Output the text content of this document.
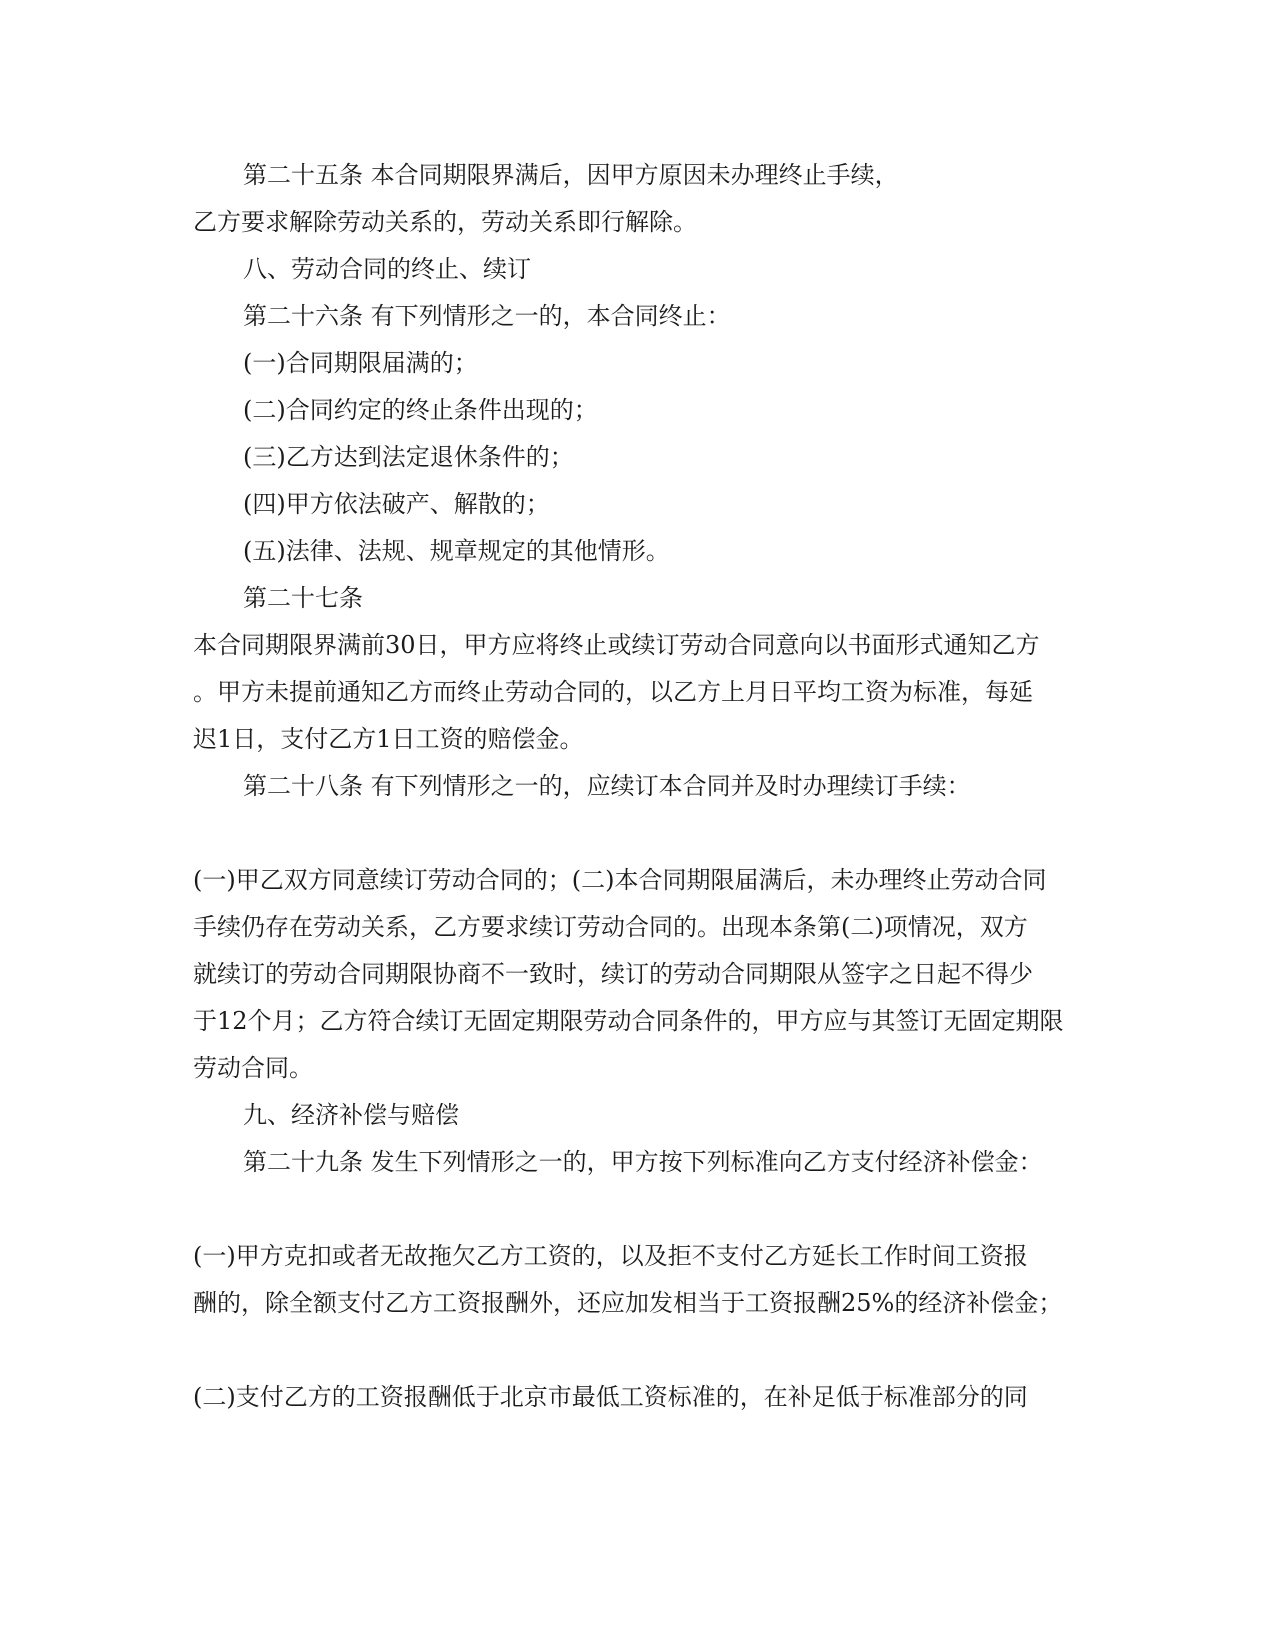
第二十五条 本合同期限界满后，因甲方原因未办理终止手续，
乙方要求解除劳动关系的，劳动关系即行解除。
八、劳动合同的终止、续订
第二十六条 有下列情形之一的，本合同终止：
(一)合同期限届满的；
(二)合同约定的终止条件出现的；
(三)乙方达到法定退休条件的；
(四)甲方依法破产、解散的；
(五)法律、法规、规章规定的其他情形。
第二十七条
本合同期限界满前30日，甲方应将终止或续订劳动合同意向以书面形式通知乙方
。甲方未提前通知乙方而终止劳动合同的，以乙方上月日平均工资为标准，每延
迟1日，支付乙方1日工资的赔偿金。
第二十八条 有下列情形之一的，应续订本合同并及时办理续订手续：
(一)甲乙双方同意续订劳动合同的；(二)本合同期限届满后，未办理终止劳动合同
手续仍存在劳动关系，乙方要求续订劳动合同的。出现本条第(二)项情况，双方
就续订的劳动合同期限协商不一致时，续订的劳动合同期限从签字之日起不得少
于12个月；乙方符合续订无固定期限劳动合同条件的，甲方应与其签订无固定期限
劳动合同。
九、经济补偿与赔偿
第二十九条 发生下列情形之一的，甲方按下列标准向乙方支付经济补偿金：
(一)甲方克扣或者无故拖欠乙方工资的，以及拒不支付乙方延长工作时间工资报
酬的，除全额支付乙方工资报酬外，还应加发相当于工资报酬25%的经济补偿金；
(二)支付乙方的工资报酬低于北京市最低工资标准的，在补足低于标准部分的同
